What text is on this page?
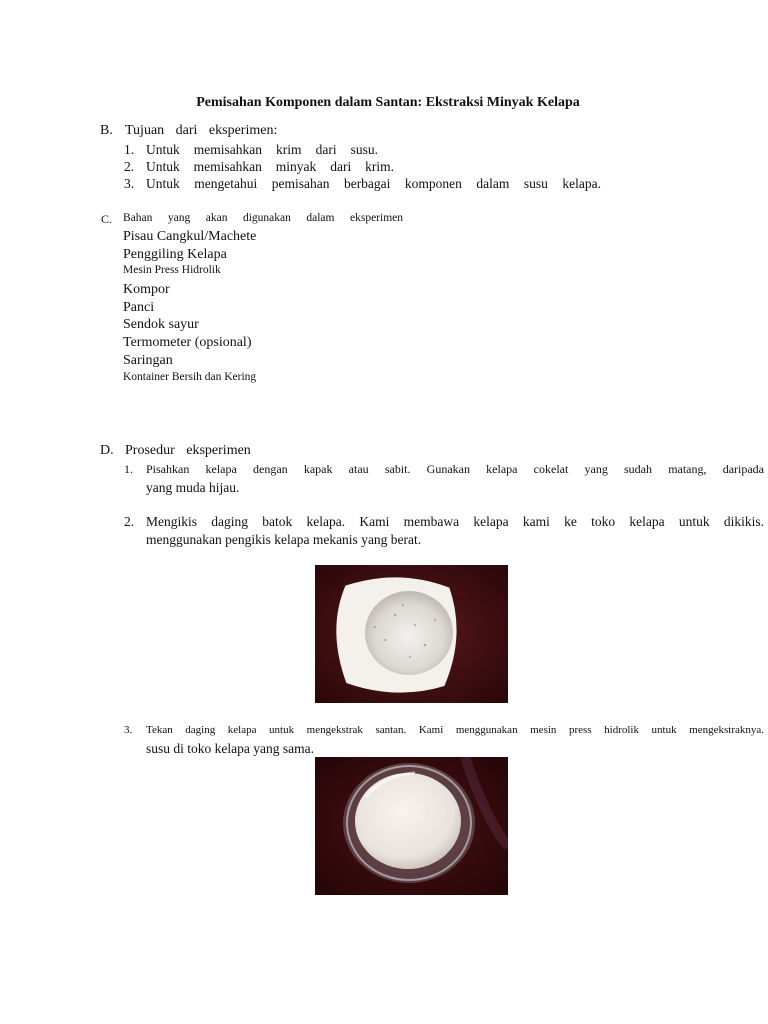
Pemisahan Komponen dalam Santan: Ekstraksi Minyak Kelapa
B. Tujuan dari eksperimen:
1. Untuk memisahkan krim dari susu.
2. Untuk memisahkan minyak dari krim.
3. Untuk mengetahui pemisahan berbagai komponen dalam susu kelapa.
C. Bahan yang akan digunakan dalam eksperimen
Pisau Cangkul/Machete
Penggiling Kelapa
Mesin Press Hidrolik
Kompor
Panci
Sendok sayur
Termometer (opsional)
Saringan
Kontainer Bersih dan Kering
D. Prosedur eksperimen
1. Pisahkan kelapa dengan kapak atau sabit. Gunakan kelapa cokelat yang sudah matang, daripada
yang muda hijau.
2. Mengikis daging batok kelapa. Kami membawa kelapa kami ke toko kelapa untuk dikikis.
menggunakan pengikis kelapa mekanis yang berat.
3. Tekan daging kelapa untuk mengekstrak santan. Kami menggunakan mesin press hidrolik untuk mengekstraknya.
susu di toko kelapa yang sama.
